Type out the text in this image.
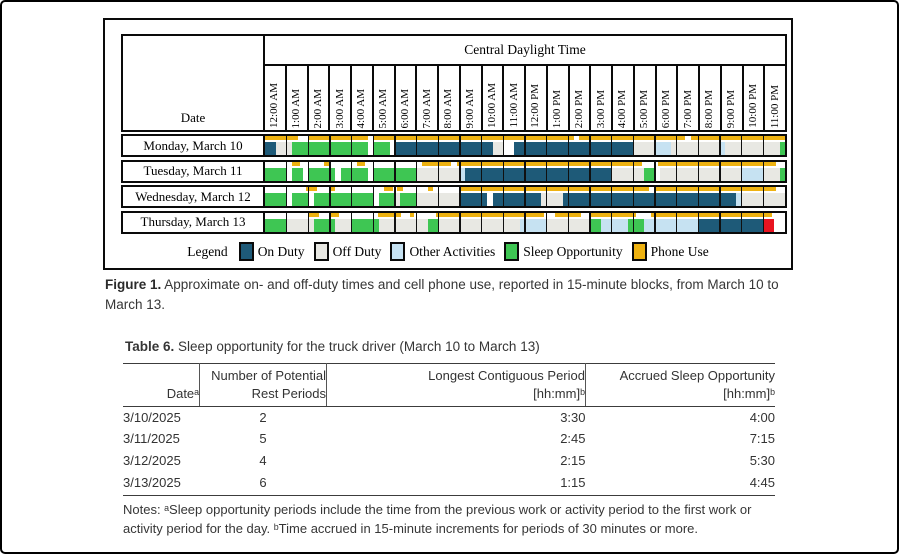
Date
Central Daylight Time
12:00 AM 1:00 AM 2:00 AM 3:00 AM 4:00 AM 5:00 AM 6:00 AM 7:00 AM 8:00 AM 9:00 AM 10:00 AM 11:00 AM 12:00 PM 1:00 PM 2:00 PM 3:00 PM 4:00 PM 5:00 PM 6:00 PM 7:00 PM 8:00 PM 9:00 PM 10:00 PM 11:00 PM
Monday, March 10
Tuesday, March 11
Wednesday, March 12
Thursday, March 13
Legend On Duty Off Duty Other Activities Sleep Opportunity Phone Use

Figure 1. Approximate on- and off-duty times and cell phone use, reported in 15-minute blocks, from March 10 to March 13.

Table 6. Sleep opportunity for the truck driver (March 10 to March 13)

Dateᵃ

Number of Potential
Rest Periods

Longest Contiguous Period
[hh:mm]ᵇ

Accrued Sleep Opportunity
[hh:mm]ᵇ

3/10/2025	2	3:30	4:00
3/11/2025	5	2:45	7:15
3/12/2025	4	2:15	5:30
3/13/2025	6	1:15	4:45

Notes: ᵃSleep opportunity periods include the time from the previous work or activity period to the first work or activity period for the day. ᵇTime accrued in 15-minute increments for periods of 30 minutes or more.
